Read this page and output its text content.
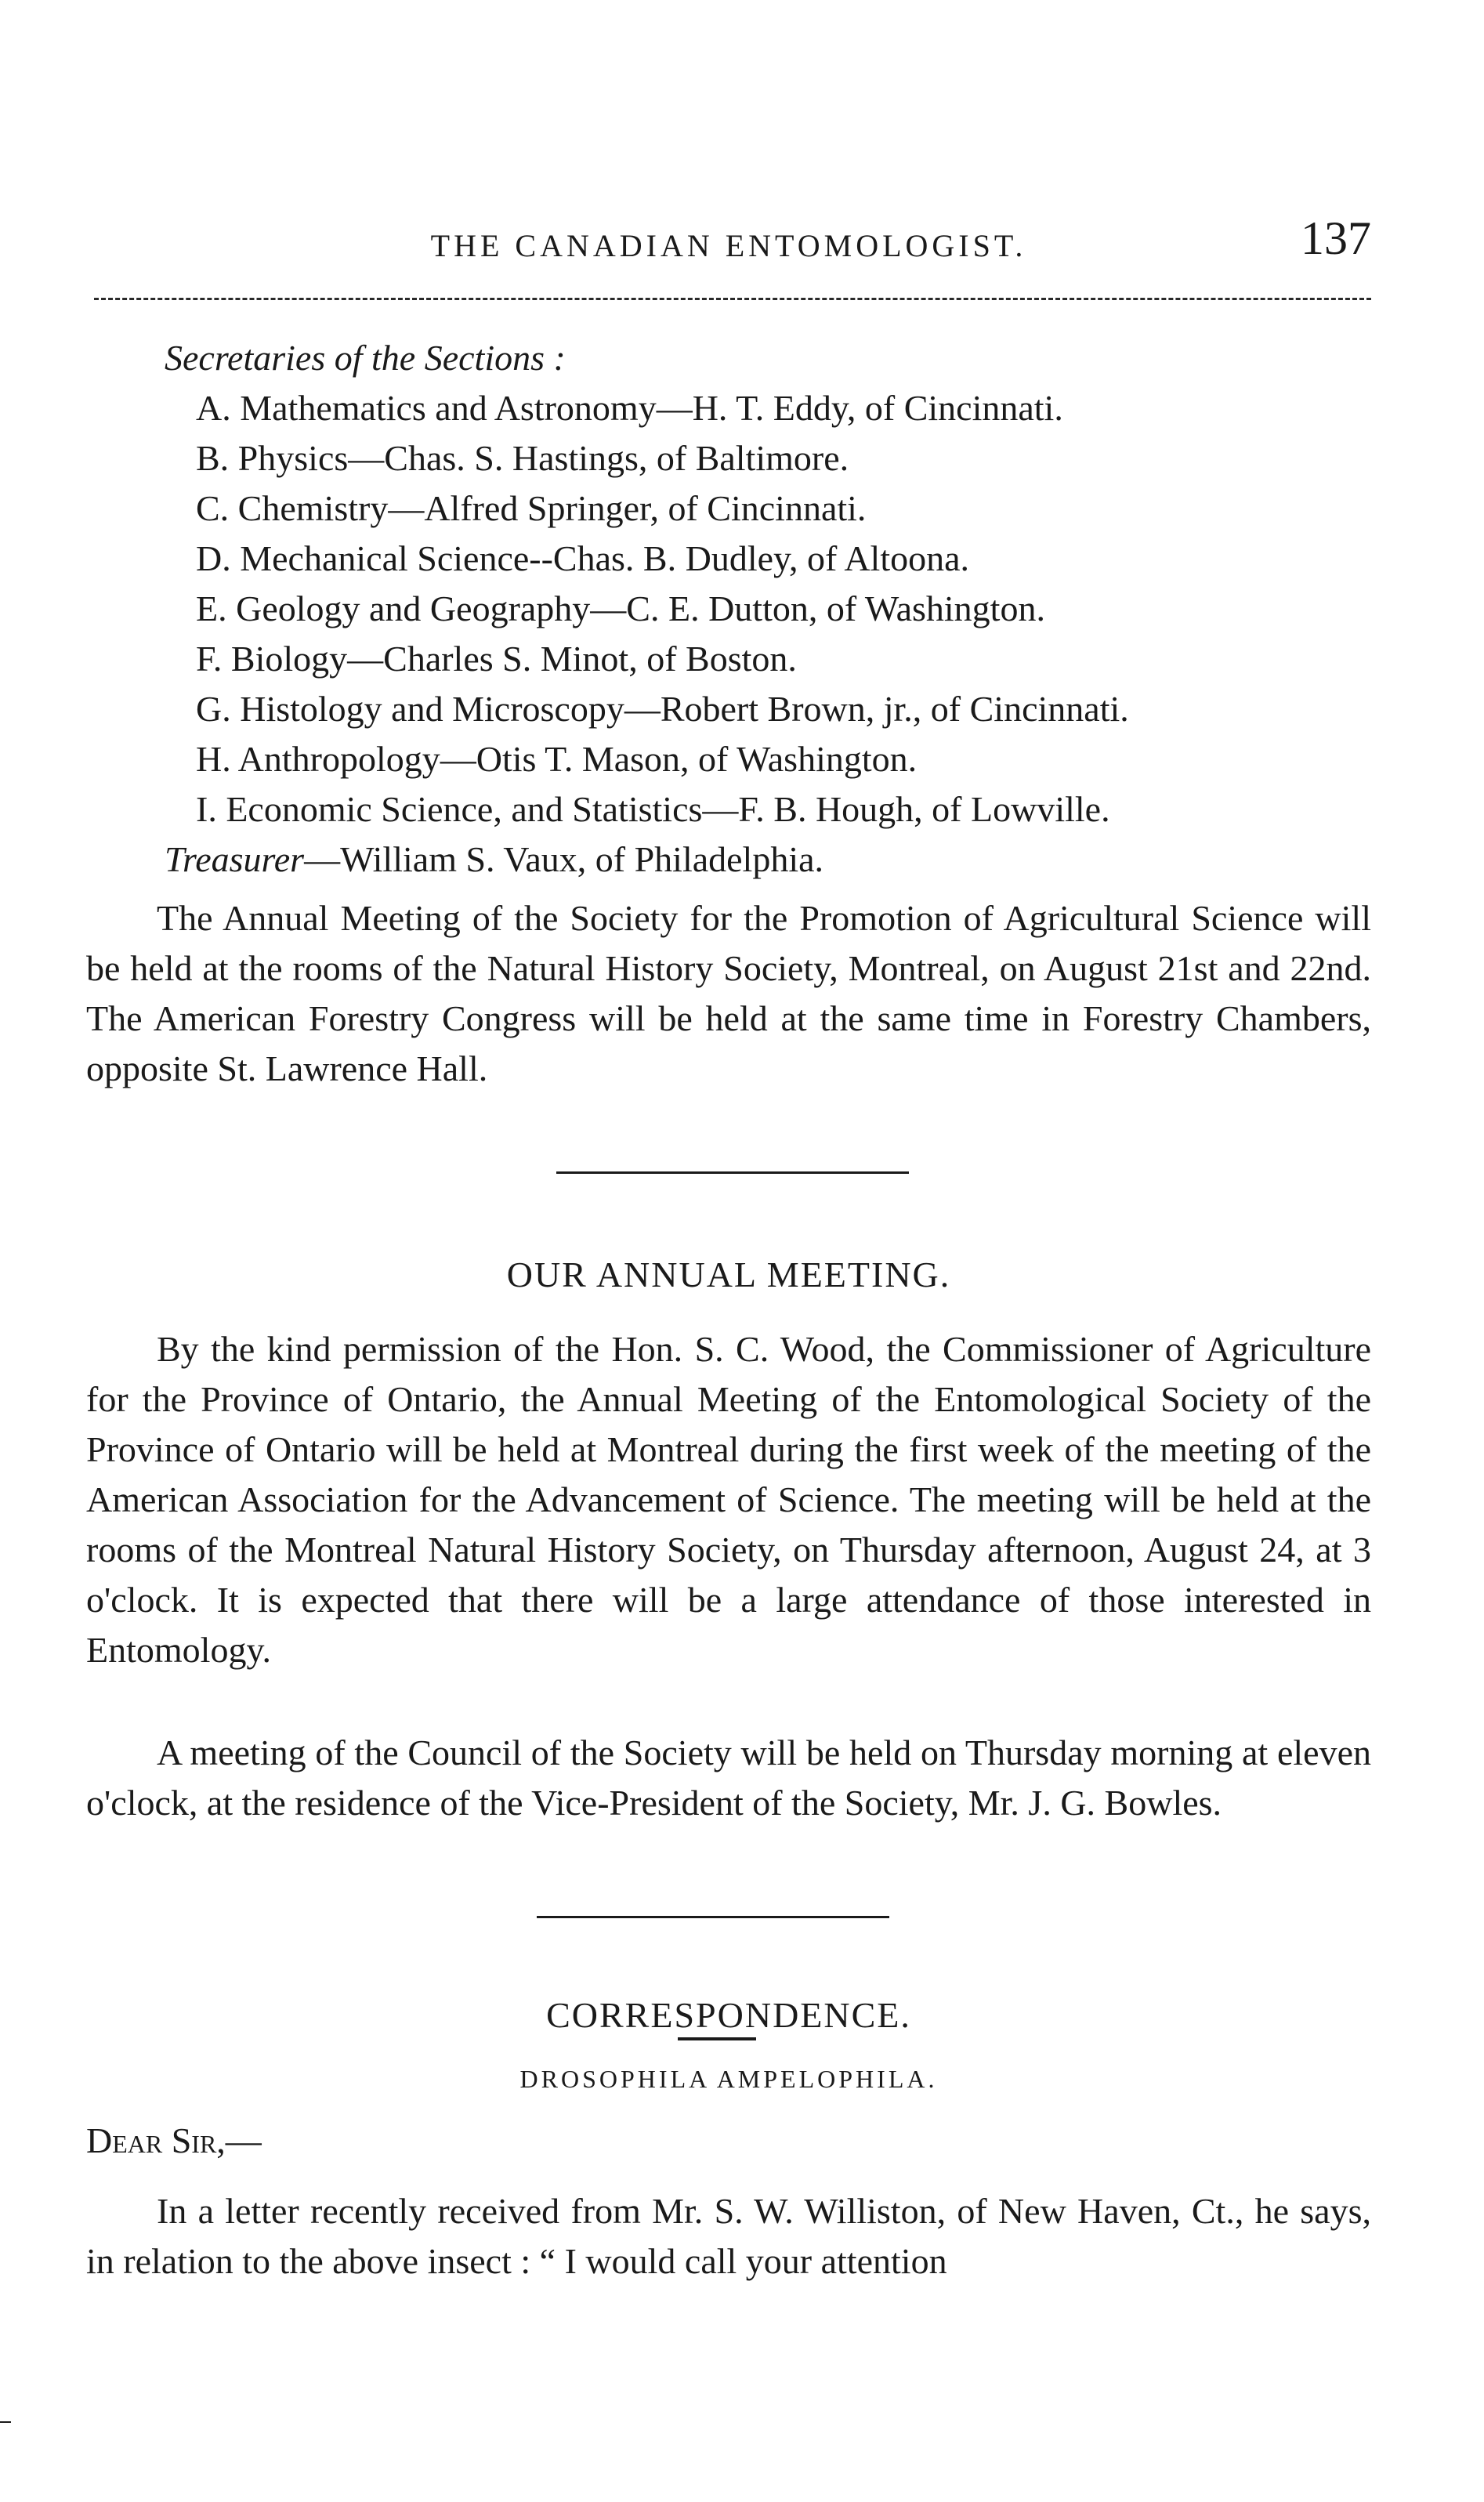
THE CANADIAN ENTOMOLOGIST.	137
Secretaries of the Sections :
A. Mathematics and Astronomy—H. T. Eddy, of Cincinnati.
B. Physics—Chas. S. Hastings, of Baltimore.
C. Chemistry—Alfred Springer, of Cincinnati.
D. Mechanical Science--Chas. B. Dudley, of Altoona.
E. Geology and Geography—C. E. Dutton, of Washington.
F. Biology—Charles S. Minot, of Boston.
G. Histology and Microscopy—Robert Brown, jr., of Cincinnati.
H. Anthropology—Otis T. Mason, of Washington.
I. Economic Science, and Statistics—F. B. Hough, of Lowville.
Treasurer—William S. Vaux, of Philadelphia.

The Annual Meeting of the Society for the Promotion of Agricultural Science will be held at the rooms of the Natural History Society, Montreal, on August 21st and 22nd. The American Forestry Congress will be held at the same time in Forestry Chambers, opposite St. Lawrence Hall.

OUR ANNUAL MEETING.

By the kind permission of the Hon. S. C. Wood, the Commissioner of Agriculture for the Province of Ontario, the Annual Meeting of the Entomological Society of the Province of Ontario will be held at Montreal during the first week of the meeting of the American Association for the Advancement of Science. The meeting will be held at the rooms of the Montreal Natural History Society, on Thursday afternoon, August 24, at 3 o'clock. It is expected that there will be a large attendance of those interested in Entomology.

A meeting of the Council of the Society will be held on Thursday morning at eleven o'clock, at the residence of the Vice-President of the Society, Mr. J. G. Bowles.

CORRESPONDENCE.
DROSOPHILA AMPELOPHILA.
Dear Sir,—

In a letter recently received from Mr. S. W. Williston, of New Haven, Ct., he says, in relation to the above insect : “ I would call your attention
